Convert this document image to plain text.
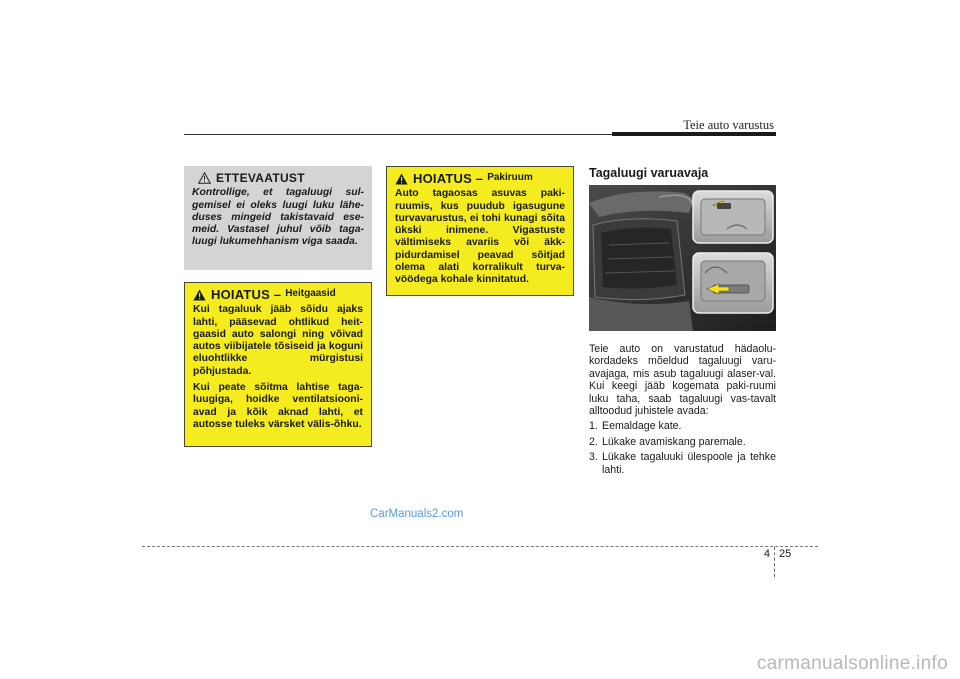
Teie auto varustus
ETTEVAATUST

Kontrollige, et tagaluugi sul-gemisel ei oleks luugi luku lähe-duses mingeid takistavaid ese-meid. Vastasel juhul võib taga-luugi lukumehhanism viga saada.

HOIATUS – Heitgaasid

Kui tagaluuk jääb sõidu ajaks lahti, pääsevad ohtlikud heit-gaasid auto salongi ning võivad autos viibijatele tõsiseid ja koguni eluohtlikke mürgistusi põhjustada.

Kui peate sõitma lahtise taga-luugiga, hoidke ventilatsiooni-avad ja kõik aknad lahti, et autosse tuleks värsket välis-õhku.

HOIATUS – Pakiruum

Auto tagaosas asuvas paki-ruumis, kus puudub igasugune turvavarustus, ei tohi kunagi sõita ükski inimene. Vigastuste vältimiseks avariis või äkk-pidurdamisel peavad sõitjad olema alati korralikult turva-vöödega kohale kinnitatud.

Tagaluugi varuavaja
ODM042018

Teie auto on varustatud hädaolu-kordadeks mõeldud tagaluugi varu-avajaga, mis asub tagaluugi alaser-val. Kui keegi jääb kogemata paki-ruumi luku taha, saab tagaluugi vas-tavalt alltoodud juhistele avada:

1. Eemaldage kate.
2. Lükake avamiskang paremale.
3. Lükake tagaluuki ülespoole ja tehke lahti.
CarManuals2.com
4 25
carmanualsonline.info
